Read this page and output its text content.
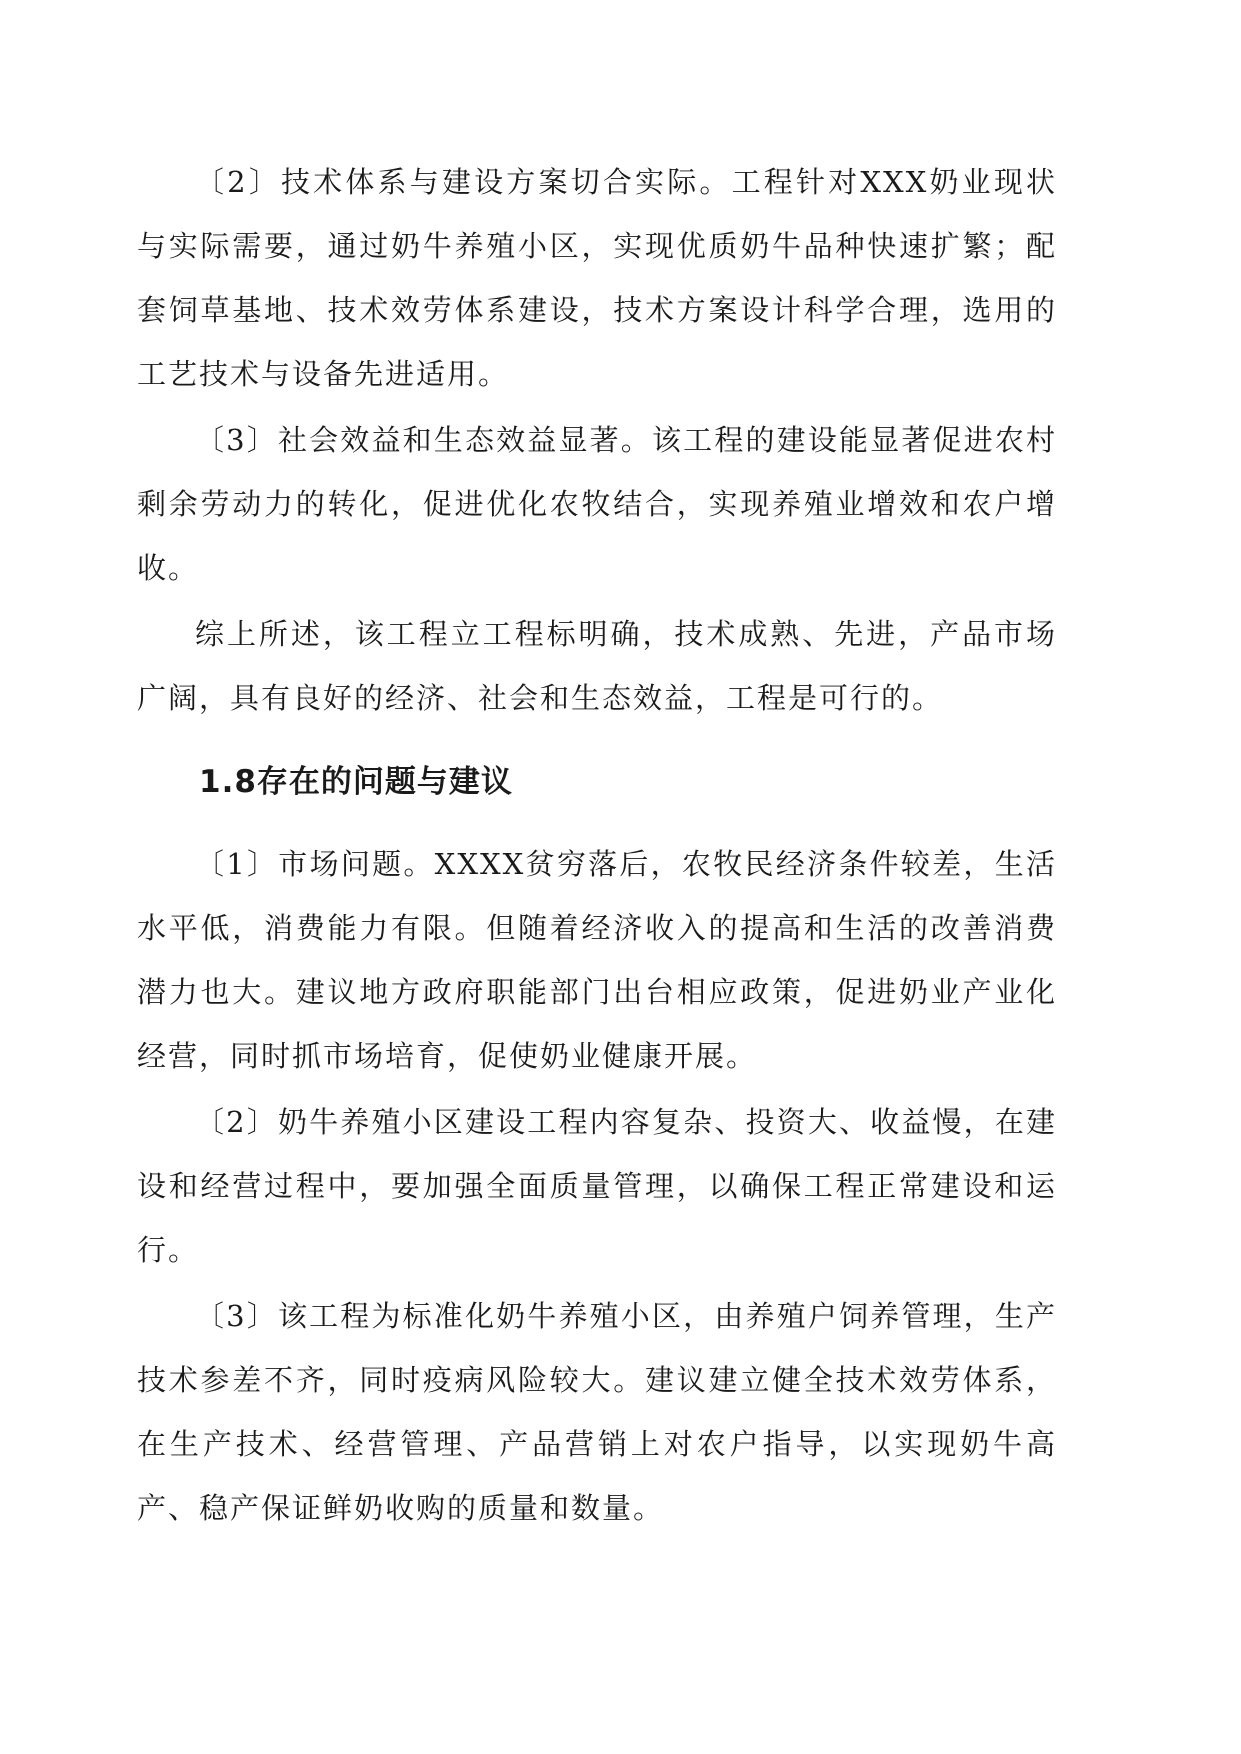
〔2〕技术体系与建设方案切合实际。工程针对XXX奶业现状与实际需要，通过奶牛养殖小区，实现优质奶牛品种快速扩繁；配套饲草基地、技术效劳体系建设，技术方案设计科学合理，选用的工艺技术与设备先进适用。

〔3〕社会效益和生态效益显著。该工程的建设能显著促进农村剩余劳动力的转化，促进优化农牧结合，实现养殖业增效和农户增收。

综上所述，该工程立工程标明确，技术成熟、先进，产品市场广阔，具有良好的经济、社会和生态效益，工程是可行的。

1.8存在的问题与建议

〔1〕市场问题。XXXX贫穷落后，农牧民经济条件较差，生活水平低，消费能力有限。但随着经济收入的提高和生活的改善消费潜力也大。建议地方政府职能部门出台相应政策，促进奶业产业化经营，同时抓市场培育，促使奶业健康开展。

〔2〕奶牛养殖小区建设工程内容复杂、投资大、收益慢，在建设和经营过程中，要加强全面质量管理，以确保工程正常建设和运行。

〔3〕该工程为标准化奶牛养殖小区，由养殖户饲养管理，生产技术参差不齐，同时疫病风险较大。建议建立健全技术效劳体系，在生产技术、经营管理、产品营销上对农户指导，以实现奶牛高产、稳产保证鲜奶收购的质量和数量。
